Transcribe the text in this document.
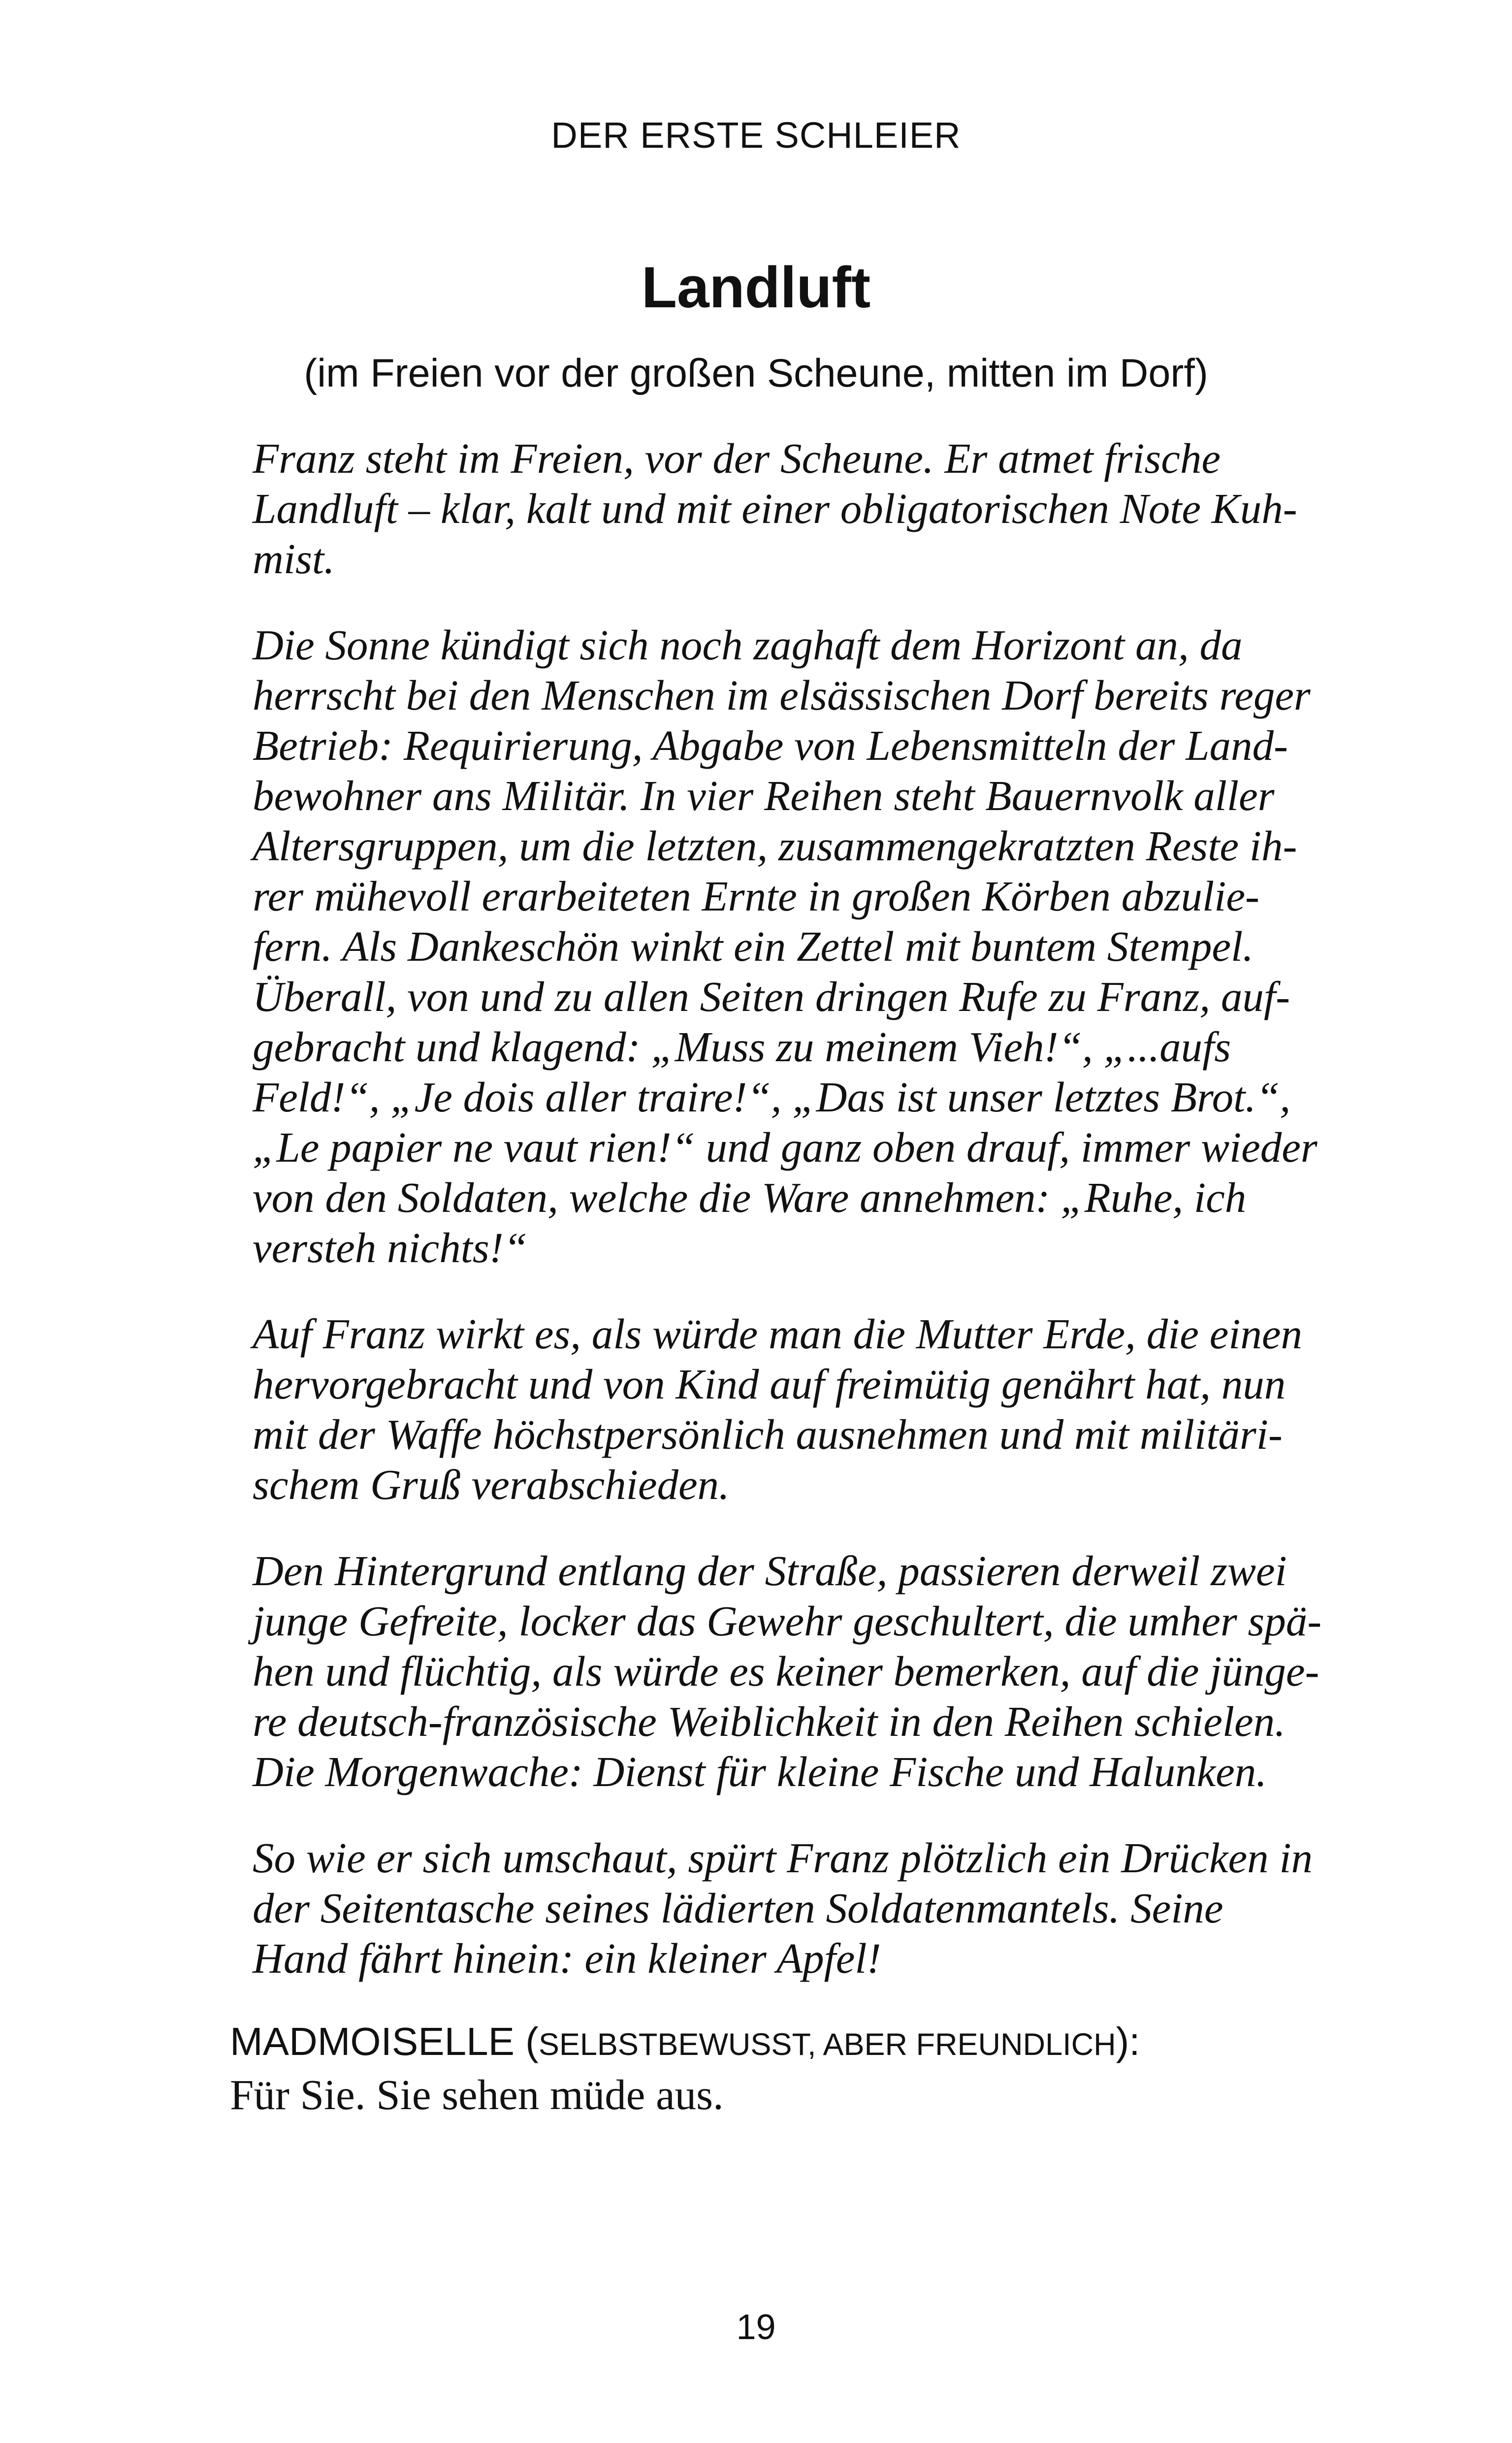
DER ERSTE SCHLEIER
Landluft
(im Freien vor der großen Scheune, mitten im Dorf)

Franz steht im Freien, vor der Scheune. Er atmet frische
Landluft – klar, kalt und mit einer obligatorischen Note Kuh-
mist.

Die Sonne kündigt sich noch zaghaft dem Horizont an, da
herrscht bei den Menschen im elsässischen Dorf bereits reger
Betrieb: Requirierung, Abgabe von Lebensmitteln der Land-
bewohner ans Militär. In vier Reihen steht Bauernvolk aller
Altersgruppen, um die letzten, zusammengekratzten Reste ih-
rer mühevoll erarbeiteten Ernte in großen Körben abzulie-
fern. Als Dankeschön winkt ein Zettel mit buntem Stempel.
Überall, von und zu allen Seiten dringen Rufe zu Franz, auf-
gebracht und klagend: „Muss zu meinem Vieh!“, „...aufs
Feld!“, „Je dois aller traire!“, „Das ist unser letztes Brot.“,
„Le papier ne vaut rien!“ und ganz oben drauf, immer wieder
von den Soldaten, welche die Ware annehmen: „Ruhe, ich
versteh nichts!“

Auf Franz wirkt es, als würde man die Mutter Erde, die einen
hervorgebracht und von Kind auf freimütig genährt hat, nun
mit der Waffe höchstpersönlich ausnehmen und mit militäri-
schem Gruß verabschieden.

Den Hintergrund entlang der Straße, passieren derweil zwei
junge Gefreite, locker das Gewehr geschultert, die umher spä-
hen und flüchtig, als würde es keiner bemerken, auf die jünge-
re deutsch-französische Weiblichkeit in den Reihen schielen.
Die Morgenwache: Dienst für kleine Fische und Halunken.

So wie er sich umschaut, spürt Franz plötzlich ein Drücken in
der Seitentasche seines lädierten Soldatenmantels. Seine
Hand fährt hinein: ein kleiner Apfel!

MADMOISELLE (SELBSTBEWUSST, ABER FREUNDLICH):
Für Sie. Sie sehen müde aus.
19
